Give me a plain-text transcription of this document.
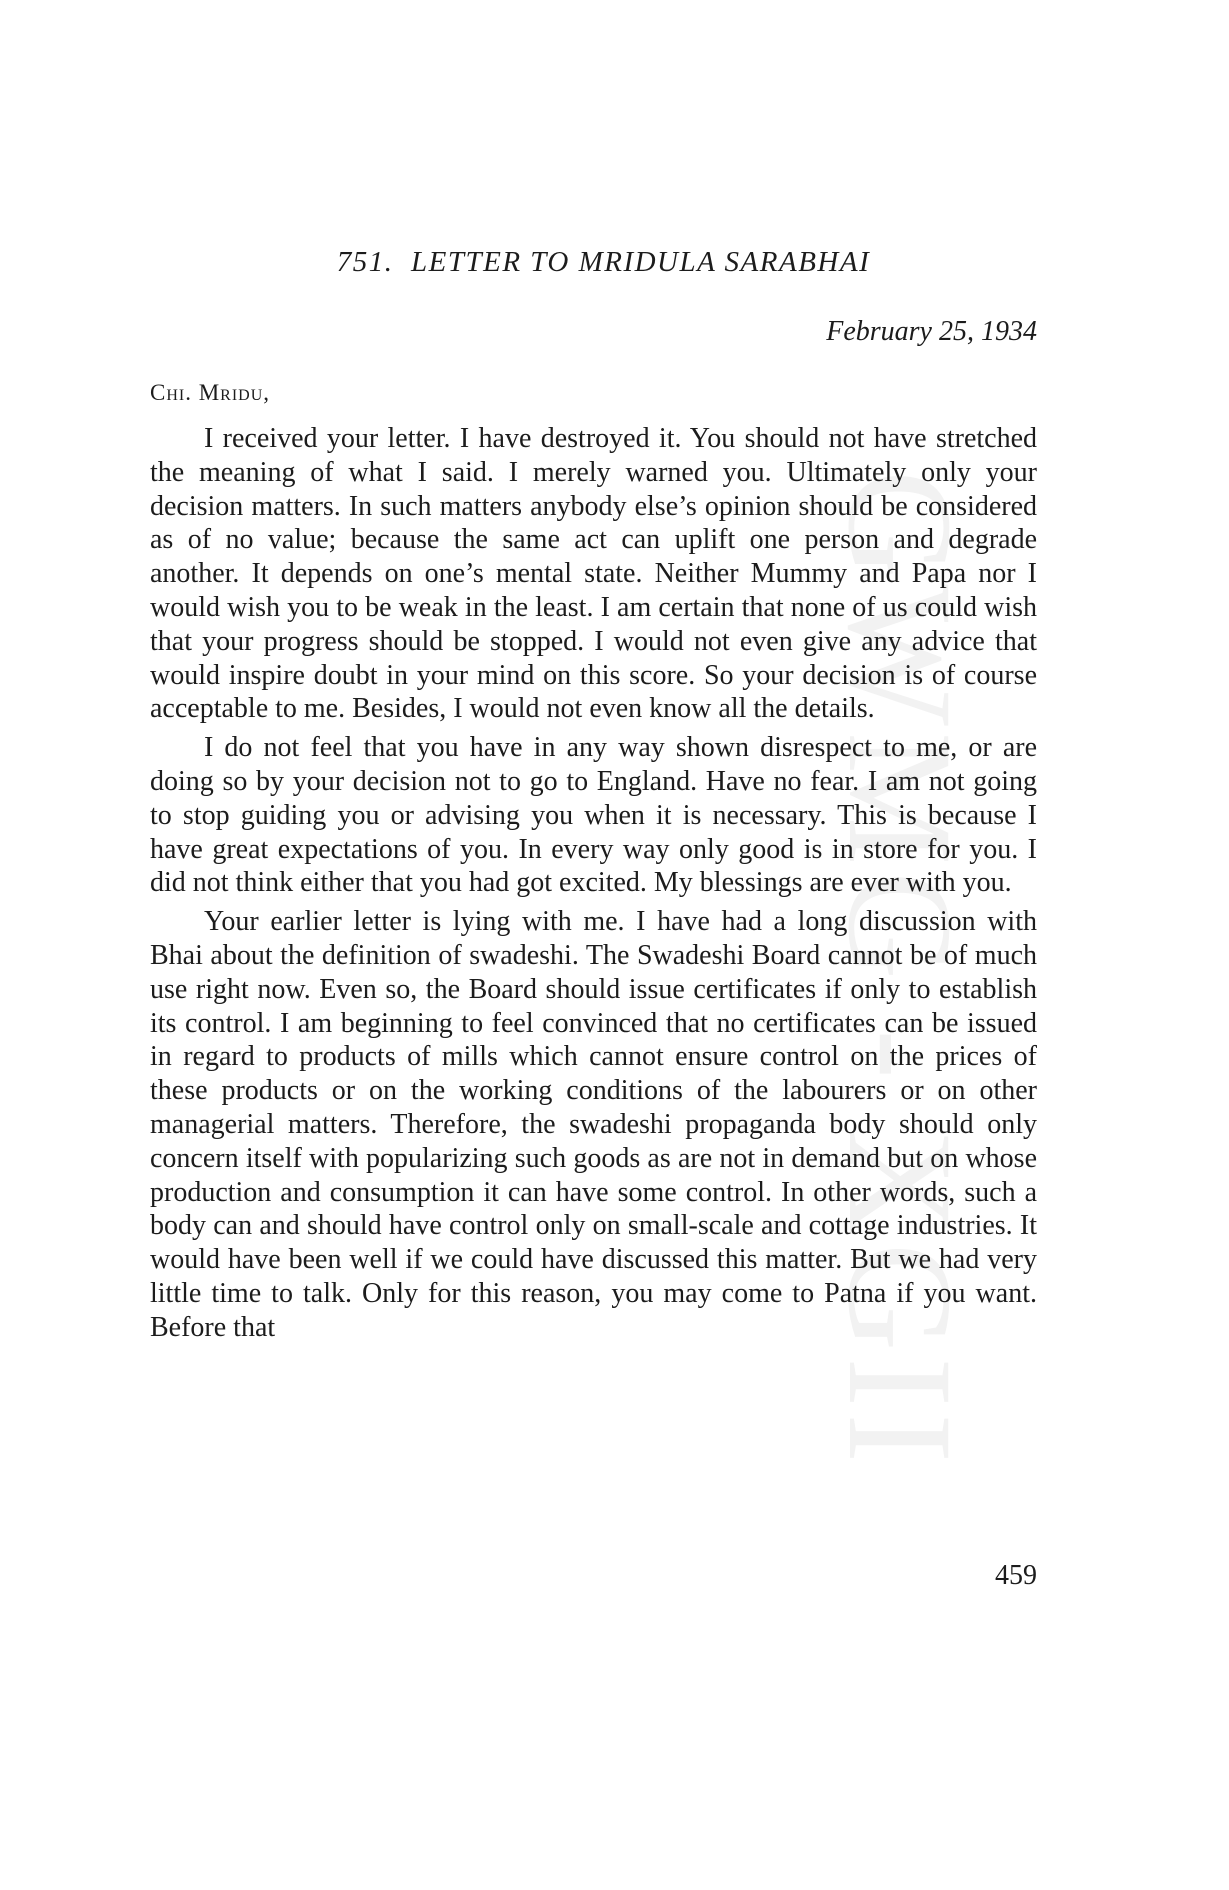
GWMG - XGII
751. LETTER TO MRIDULA SARABHAI
February 25, 1934
Chi. Mridu,

I received your letter. I have destroyed it. You should not have stretched the meaning of what I said. I merely warned you. Ultimately only your decision matters. In such matters anybody else’s opinion should be considered as of no value; because the same act can uplift one person and degrade another. It depends on one’s mental state. Neither Mummy and Papa nor I would wish you to be weak in the least. I am certain that none of us could wish that your progress should be stopped. I would not even give any advice that would inspire doubt in your mind on this score. So your decision is of course acceptable to me. Besides, I would not even know all the details.

I do not feel that you have in any way shown disrespect to me, or are doing so by your decision not to go to England. Have no fear. I am not going to stop guiding you or advising you when it is necessary. This is because I have great expectations of you. In every way only good is in store for you. I did not think either that you had got excited. My blessings are ever with you.

Your earlier letter is lying with me. I have had a long discussion with Bhai about the definition of swadeshi. The Swadeshi Board cannot be of much use right now. Even so, the Board should issue certificates if only to establish its control. I am beginning to feel convinced that no certificates can be issued in regard to products of mills which cannot ensure control on the prices of these products or on the working conditions of the labourers or on other managerial matters. Therefore, the swadeshi propaganda body should only concern itself with popularizing such goods as are not in demand but on whose production and consumption it can have some control. In other words, such a body can and should have control only on small-scale and cottage industries. It would have been well if we could have discussed this matter. But we had very little time to talk. Only for this reason, you may come to Patna if you want. Before that

459
